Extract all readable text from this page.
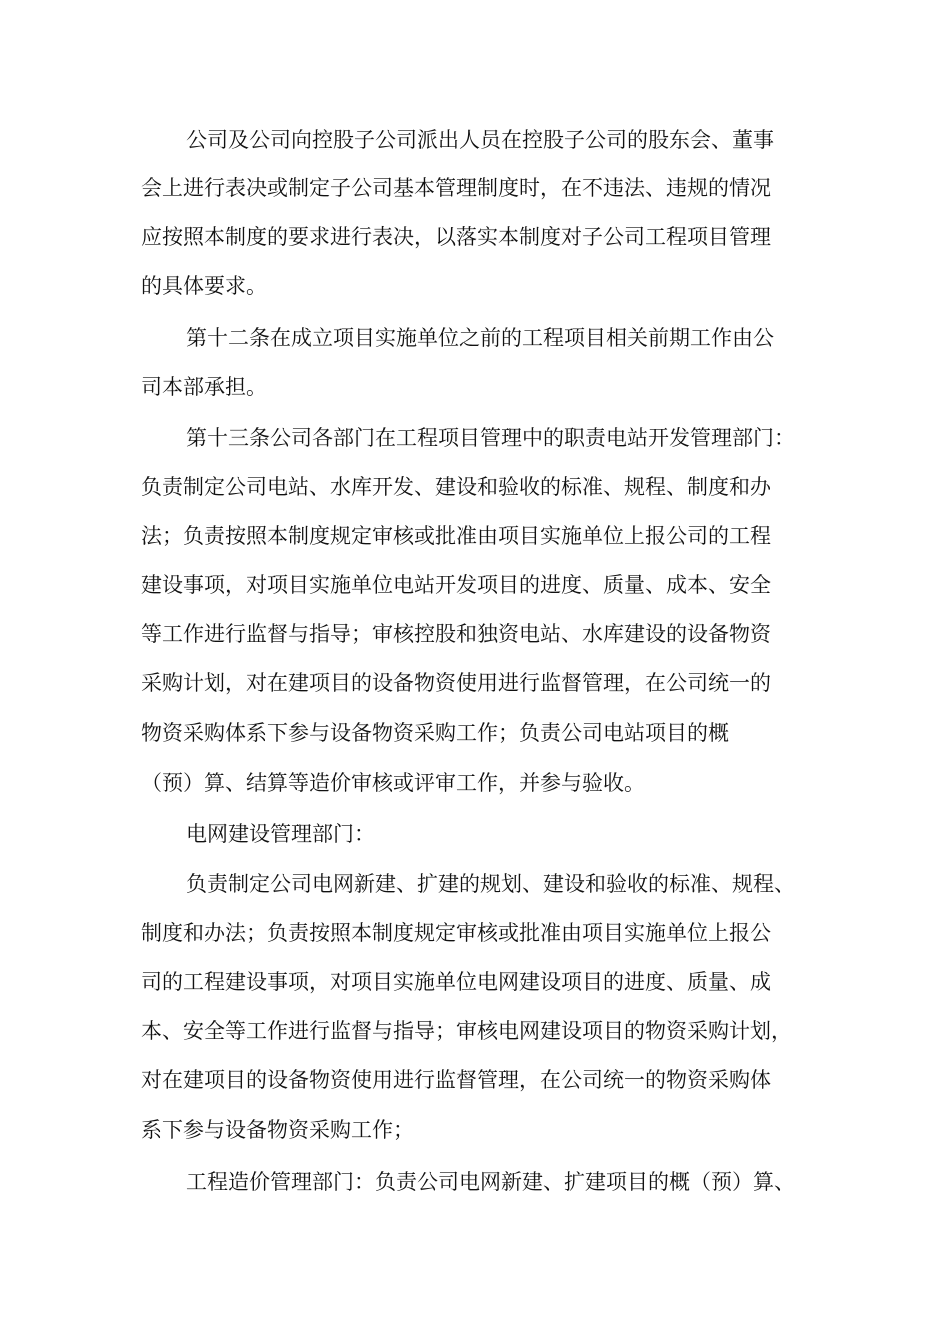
公司及公司向控股子公司派出人员在控股子公司的股东会、董事
会上进行表决或制定子公司基本管理制度时，在不违法、违规的情况
应按照本制度的要求进行表决，以落实本制度对子公司工程项目管理
的具体要求。
第十二条在成立项目实施单位之前的工程项目相关前期工作由公
司本部承担。
第十三条公司各部门在工程项目管理中的职责电站开发管理部门：
负责制定公司电站、水库开发、建设和验收的标准、规程、制度和办
法；负责按照本制度规定审核或批准由项目实施单位上报公司的工程
建设事项，对项目实施单位电站开发项目的进度、质量、成本、安全
等工作进行监督与指导；审核控股和独资电站、水库建设的设备物资
采购计划，对在建项目的设备物资使用进行监督管理，在公司统一的
物资采购体系下参与设备物资采购工作；负责公司电站项目的概
（预）算、结算等造价审核或评审工作，并参与验收。
电网建设管理部门：
负责制定公司电网新建、扩建的规划、建设和验收的标准、规程、
制度和办法；负责按照本制度规定审核或批准由项目实施单位上报公
司的工程建设事项，对项目实施单位电网建设项目的进度、质量、成
本、安全等工作进行监督与指导；审核电网建设项目的物资采购计划，
对在建项目的设备物资使用进行监督管理，在公司统一的物资采购体
系下参与设备物资采购工作；
工程造价管理部门：负责公司电网新建、扩建项目的概（预）算、
